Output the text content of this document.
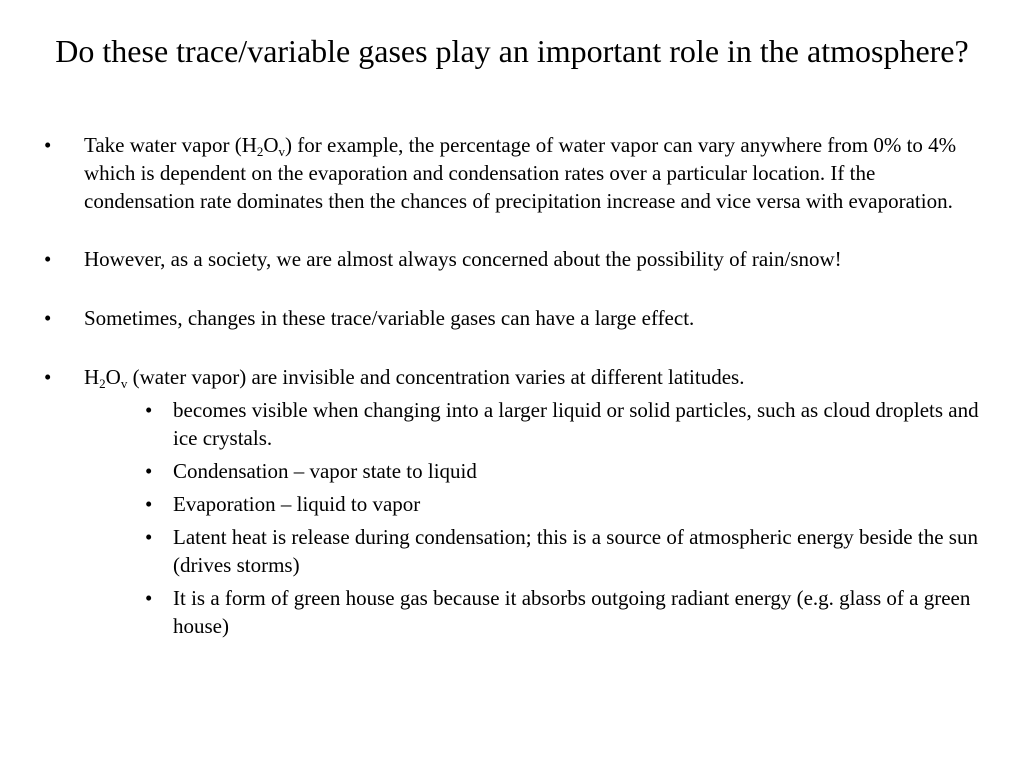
Do these trace/variable gases play an important role in the atmosphere?

• Take water vapor $(H_2O_v)$ for example, the percentage of water vapor can vary anywhere from 0% to 4% which is dependent on the evaporation and condensation rates over a particular location. If the condensation rate dominates then the chances of precipitation increase and vice versa with evaporation.

• However, as a society, we are almost always concerned about the possibility of rain/snow!

• Sometimes, changes in these trace/variable gases can have a large effect.

• $H_2O_v$ (water vapor) are invisible and concentration varies at different latitudes.

• becomes visible when changing into a larger liquid or solid particles, such as cloud droplets and ice crystals.

• Condensation – vapor state to liquid

• Evaporation – liquid to vapor

• Latent heat is release during condensation; this is a source of atmospheric energy beside the sun (drives storms)

• It is a form of green house gas because it absorbs outgoing radiant energy (e.g. glass of a green house)
